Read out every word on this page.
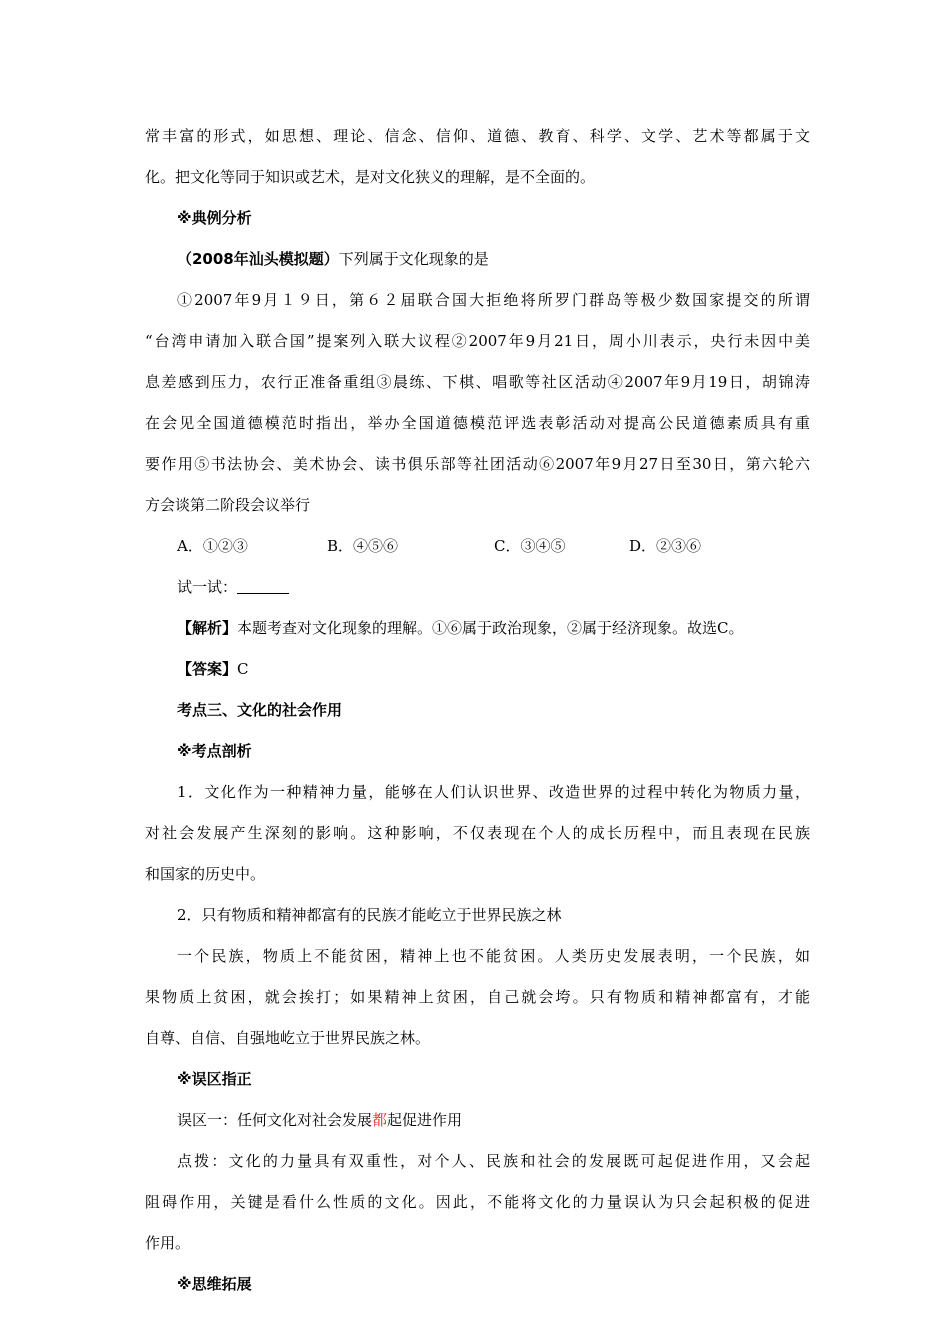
常丰富的形式，如思想、理论、信念、信仰、道德、教育、科学、文学、艺术等都属于文
化。把文化等同于知识或艺术，是对文化狭义的理解，是不全面的。
※典例分析
（2008年汕头模拟题）下列属于文化现象的是
①2007年9月１９日，第６２届联合国大拒绝将所罗门群岛等极少数国家提交的所谓
“台湾申请加入联合国”提案列入联大议程②2007年9月21日，周小川表示，央行未因中美
息差感到压力，农行正准备重组③晨练、下棋、唱歌等社区活动④2007年9月19日，胡锦涛
在会见全国道德模范时指出，举办全国道德模范评选表彰活动对提高公民道德素质具有重
要作用⑤书法协会、美术协会、读书俱乐部等社团活动⑥2007年9月27日至30日，第六轮六
方会谈第二阶段会议举行
A．①②③	B．④⑤⑥	C．③④⑤	D．②③⑥
试一试：
【解析】本题考查对文化现象的理解。①⑥属于政治现象，②属于经济现象。故选C。
【答案】C
考点三、文化的社会作用
※考点剖析
1．文化作为一种精神力量，能够在人们认识世界、改造世界的过程中转化为物质力量，
对社会发展产生深刻的影响。这种影响，不仅表现在个人的成长历程中，而且表现在民族
和国家的历史中。
2．只有物质和精神都富有的民族才能屹立于世界民族之林
一个民族，物质上不能贫困，精神上也不能贫困。人类历史发展表明，一个民族，如
果物质上贫困，就会挨打；如果精神上贫困，自己就会垮。只有物质和精神都富有，才能
自尊、自信、自强地屹立于世界民族之林。
※误区指正
误区一：任何文化对社会发展都起促进作用
点拨：文化的力量具有双重性，对个人、民族和社会的发展既可起促进作用，又会起
阻碍作用，关键是看什么性质的文化。因此，不能将文化的力量误认为只会起积极的促进
作用。
※思维拓展
